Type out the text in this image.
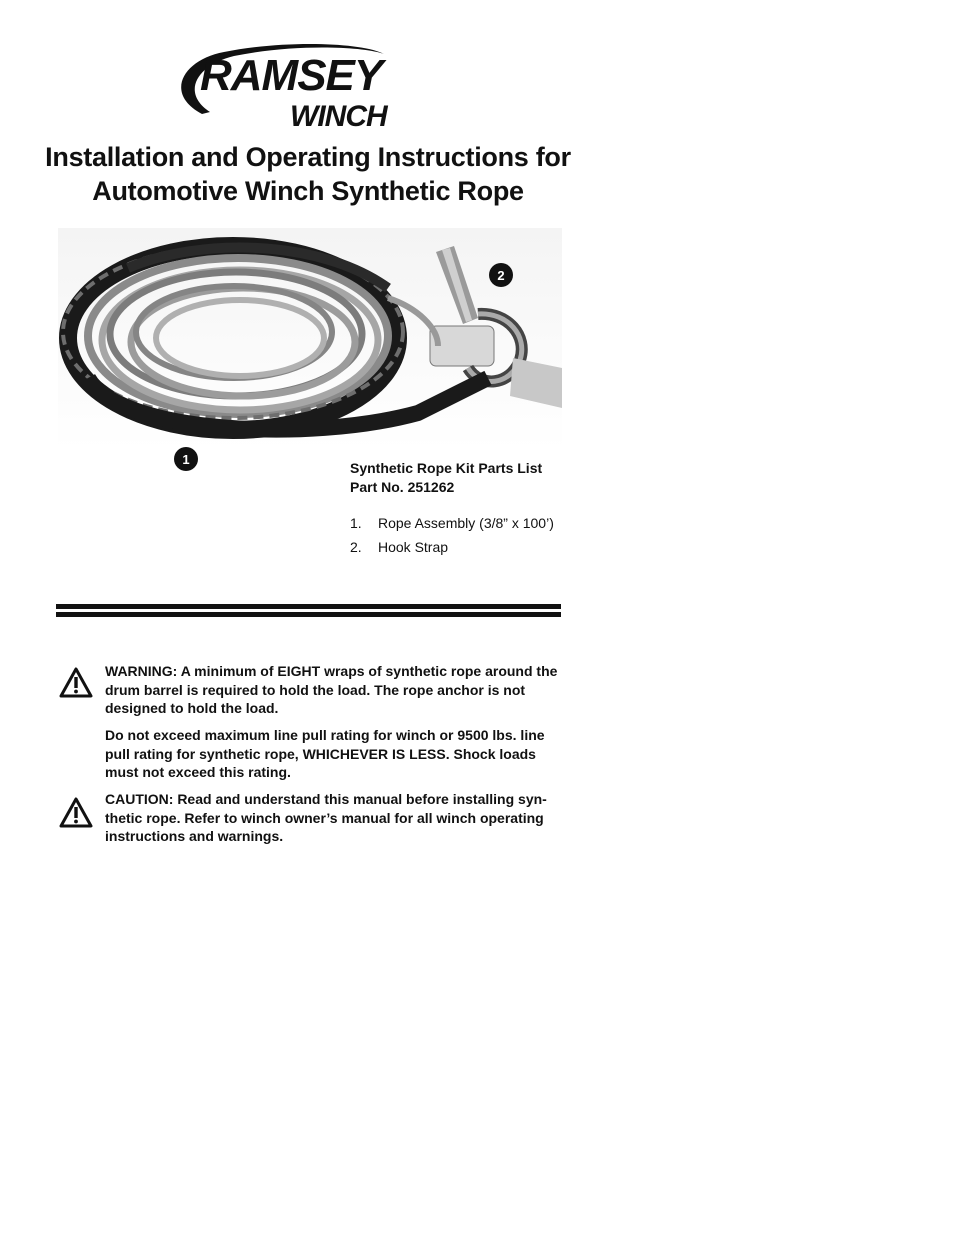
RAMSEY
WINCH
Installation and Operating Instructions for
Automotive Winch Synthetic Rope
1
2

Synthetic Rope Kit Parts List
Part No. 251262

1.	Rope Assembly (3/8” x 100’)
2.	Hook Strap

WARNING: A minimum of EIGHT wraps of synthetic rope around the drum barrel is required to hold the load. The rope anchor is not designed to hold the load.

Do not exceed maximum line pull rating for winch or 9500 lbs. line pull rating for synthetic rope, WHICHEVER IS LESS. Shock loads must not exceed this rating.

CAUTION: Read and understand this manual before installing syn-thetic rope. Refer to winch owner’s manual for all winch operating instructions and warnings.
